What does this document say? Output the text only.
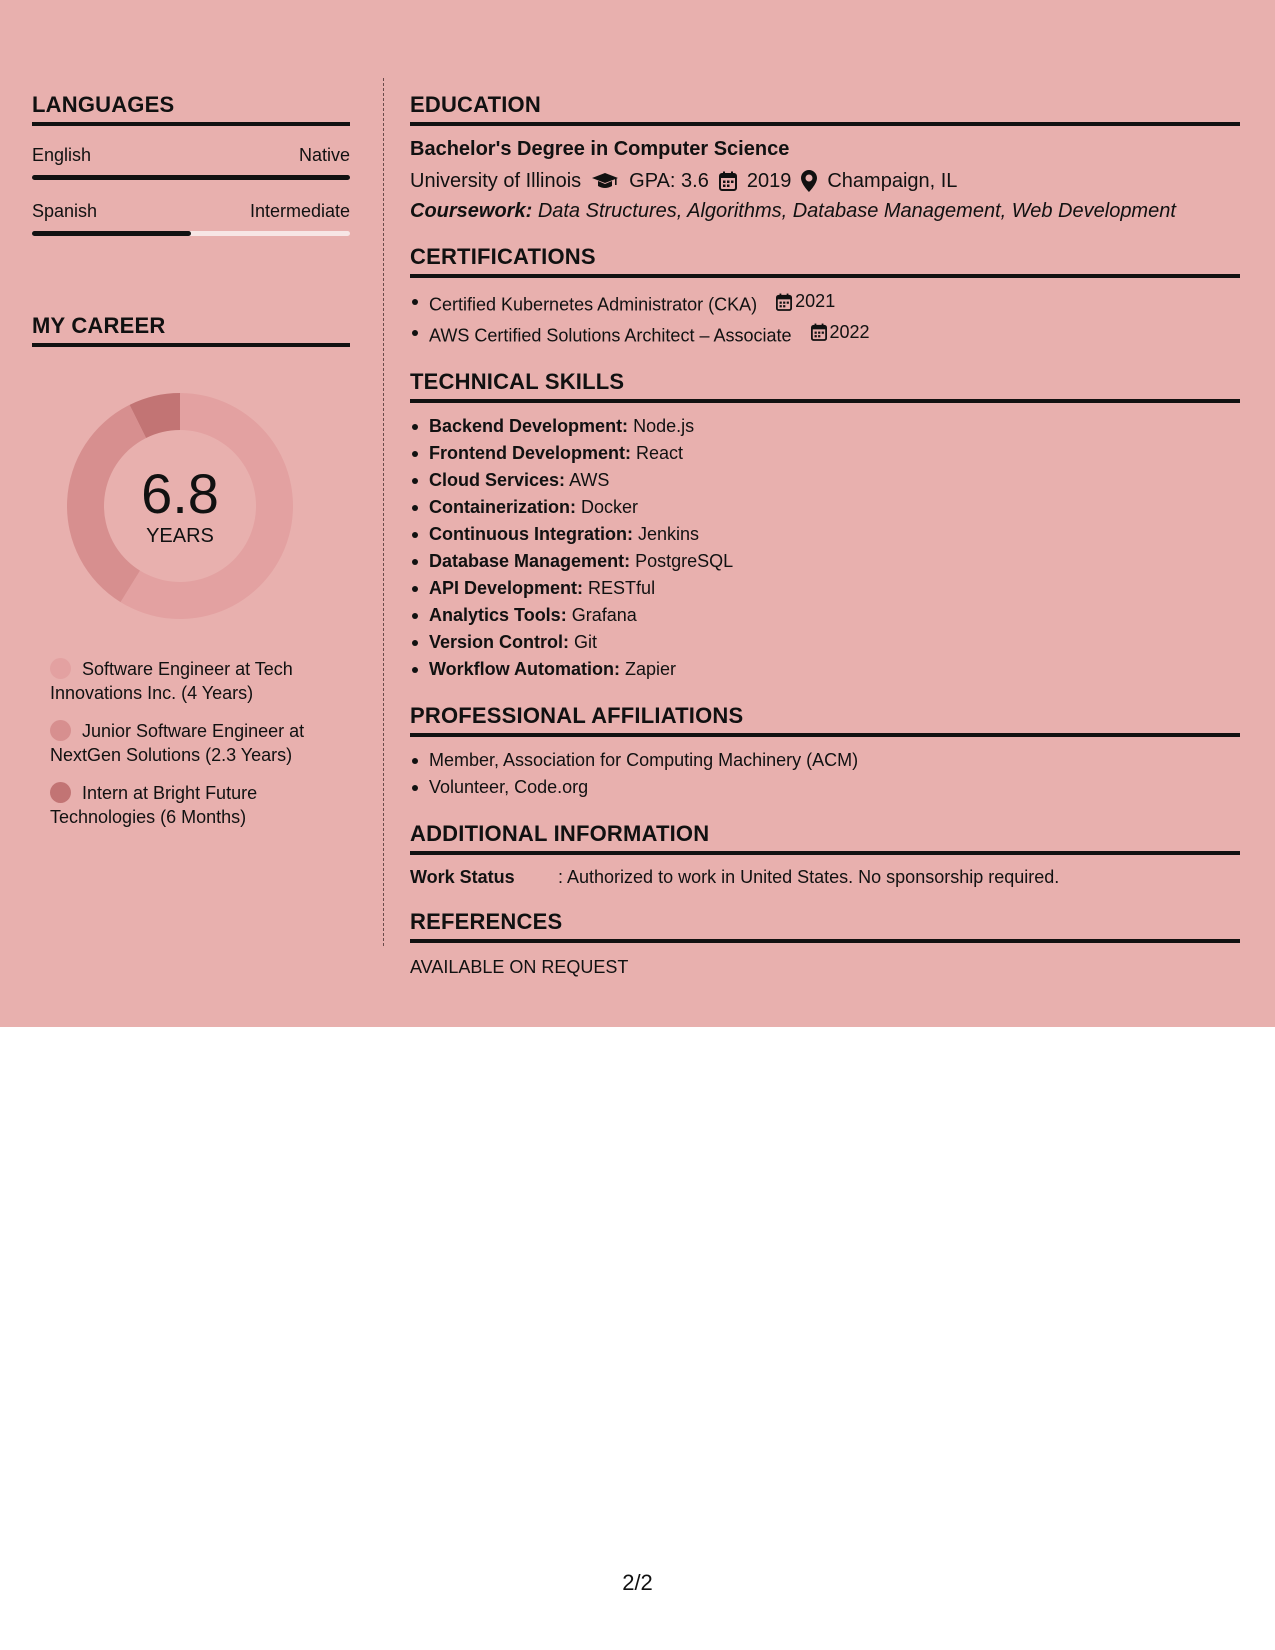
LANGUAGES
English	Native
Spanish	Intermediate
MY CAREER
6.8
YEARS
Software Engineer at Tech Innovations Inc. (4 Years)
Junior Software Engineer at NextGen Solutions (2.3 Years)
Intern at Bright Future Technologies (6 Months)
EDUCATION
Bachelor's Degree in Computer Science
University of Illinois GPA: 3.6 2019 Champaign, IL
Coursework: Data Structures, Algorithms, Database Management, Web Development
CERTIFICATIONS
Certified Kubernetes Administrator (CKA) 2021
AWS Certified Solutions Architect – Associate 2022
TECHNICAL SKILLS
Backend Development: Node.js
Frontend Development: React
Cloud Services: AWS
Containerization: Docker
Continuous Integration: Jenkins
Database Management: PostgreSQL
API Development: RESTful
Analytics Tools: Grafana
Version Control: Git
Workflow Automation: Zapier
PROFESSIONAL AFFILIATIONS
Member, Association for Computing Machinery (ACM)
Volunteer, Code.org
ADDITIONAL INFORMATION
Work Status	: Authorized to work in United States. No sponsorship required.
REFERENCES
AVAILABLE ON REQUEST
2/2
